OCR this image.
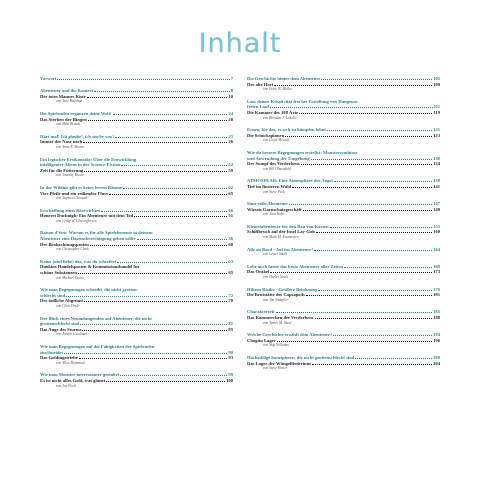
Inhalt
Vorwort	7
Abenteuer und ihr Kontext	8
Der totes Mannes Kiste	10
von Jake Bateman
Die Spielenden ergänzen deine Welt!	24
Das Sterben der Ringen	20
von Mike Brandt
Hört mal! Ich glaube!, ich sieche was!	25
Immer der Nase nach	26
von Anna E. Brown
Ein logischer Erstkontakt: Über die Entwicklung
intelligenter Aliens in der Science-Fiction	52
Zeit für die Fütterung	59
von Timothy Brown
In der Wildnis gibt es keine leeren Räume	62
Vier Pfeile und ein reißender Fluss	65
von Stephen Chenault
Erschaffung eines Bösewichtes	66
Honeret Duchnigh: Ein Abenteuer mit dem Tod	51
von Craig W. Christoffersen
Raison d'être: Warum es für alle Spielelemente in deinem
Abenteuer eine Daseinsberechtigung geben sollte	56
Der Beobachtungsposten	60
von Christopher Clark
Keine (und liebe) das, was du schreibst	63
Dunkins Handelsposten & Kommissionshandel für
schöne Substanzen	65
von Michael Curtis
Wie man Begegnungen schreibt, die nicht grotten-
schlecht sind	72
Der tödliche Abgrund	78
von Chris Doyle
Der Blick eines Neuanfangenden auf Abenteuer, die nicht
grottenschlecht sind	81
Das Auge des Sturms	85
von Joseph Goodman
Wie man Begegnungen auf die Fähigkeiten der Spielenden
zuschneidet	90
Das Goldingetriebe	93
von Allen Hammack
Wie man Monster interessanter gestaltet	99
Es ist nicht alles Gold, was glänzt	100
von Jon Hook
Die Geschichte hinter dem Abenteuer	102
Der alte Hort	109
von Ernie W. Molko
Lass deiner Kreativität frei bei Erstellung von Dungeons
freien Lauf	111
Die Kammer des 108 Äxte	119
von Brendan J. LaSalle
Erneu, für das, es sich zu kämpfen lohnt	121
Die Schockspinnen	123
von Lloyd Metcalf
Wie du bessere Begegnungen erstellst: Monstersymbiose
und Anwendung der Umgebung	130
Der Sumpf des Verderbens	134
von Bill Olmesdahl
ATMOSFEAR: Eine Atmosphäre der Angst	138
Tief im finsteren Wald	141
von Steve Peek
Sinn-volle Abenteuer	147
Wieseis Garnschatzgeschäft	149
von Jean Rabe
Kleinstabenteuer für den Bau von Karten	155
Schiffbruch auf der Insel Lay-Goh	160
von Mark M. Rasmussen
Alle an Bord - Auf ins Abenteuer!	164
von Lester Smith
Lehr auch heute das beste Abenteuer aller Zeiten	169
Das Orakel	173
von Harley Stroh
Hiltsen Risiko - Größere Belohnung	176
Die Brutstätte des Capsapods	181
von Jim Wampler
Charakterzeit	185
Das Kämmerchen der Verderbens	188
von James M. Ward
Welche Geschichte erzählt dein Abenteuer?	194
Chogtin Lager	196
von Skip Williams
Höchstklige konzipieren, die nicht grottenschlecht sind	200
Das Lager der Wüngelfiederinne	204
von Steve Winter
